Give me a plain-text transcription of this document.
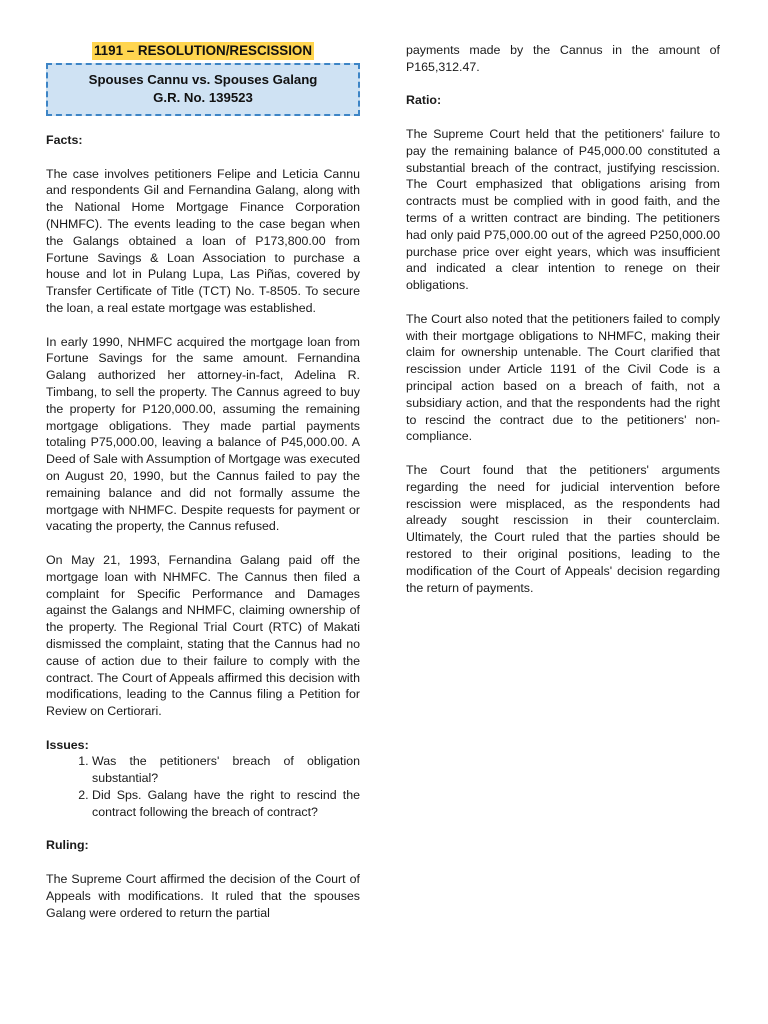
1191 – RESOLUTION/RESCISSION
Spouses Cannu vs. Spouses Galang
G.R. No. 139523

Facts:

The case involves petitioners Felipe and Leticia Cannu and respondents Gil and Fernandina Galang, along with the National Home Mortgage Finance Corporation (NHMFC). The events leading to the case began when the Galangs obtained a loan of P173,800.00 from Fortune Savings & Loan Association to purchase a house and lot in Pulang Lupa, Las Piñas, covered by Transfer Certificate of Title (TCT) No. T-8505. To secure the loan, a real estate mortgage was established.

In early 1990, NHMFC acquired the mortgage loan from Fortune Savings for the same amount. Fernandina Galang authorized her attorney-in-fact, Adelina R. Timbang, to sell the property. The Cannus agreed to buy the property for P120,000.00, assuming the remaining mortgage obligations. They made partial payments totaling P75,000.00, leaving a balance of P45,000.00. A Deed of Sale with Assumption of Mortgage was executed on August 20, 1990, but the Cannus failed to pay the remaining balance and did not formally assume the mortgage with NHMFC. Despite requests for payment or vacating the property, the Cannus refused.

On May 21, 1993, Fernandina Galang paid off the mortgage loan with NHMFC. The Cannus then filed a complaint for Specific Performance and Damages against the Galangs and NHMFC, claiming ownership of the property. The Regional Trial Court (RTC) of Makati dismissed the complaint, stating that the Cannus had no cause of action due to their failure to comply with the contract. The Court of Appeals affirmed this decision with modifications, leading to the Cannus filing a Petition for Review on Certiorari.

Issues:

1. Was the petitioners' breach of obligation substantial?
2. Did Sps. Galang have the right to rescind the contract following the breach of contract?

Ruling:

The Supreme Court affirmed the decision of the Court of Appeals with modifications. It ruled that the spouses Galang were ordered to return the partial

payments made by the Cannus in the amount of P165,312.47.

Ratio:

The Supreme Court held that the petitioners' failure to pay the remaining balance of P45,000.00 constituted a substantial breach of the contract, justifying rescission. The Court emphasized that obligations arising from contracts must be complied with in good faith, and the terms of a written contract are binding. The petitioners had only paid P75,000.00 out of the agreed P250,000.00 purchase price over eight years, which was insufficient and indicated a clear intention to renege on their obligations.

The Court also noted that the petitioners failed to comply with their mortgage obligations to NHMFC, making their claim for ownership untenable. The Court clarified that rescission under Article 1191 of the Civil Code is a principal action based on a breach of faith, not a subsidiary action, and that the respondents had the right to rescind the contract due to the petitioners' non-compliance.

The Court found that the petitioners' arguments regarding the need for judicial intervention before rescission were misplaced, as the respondents had already sought rescission in their counterclaim. Ultimately, the Court ruled that the parties should be restored to their original positions, leading to the modification of the Court of Appeals' decision regarding the return of payments.
